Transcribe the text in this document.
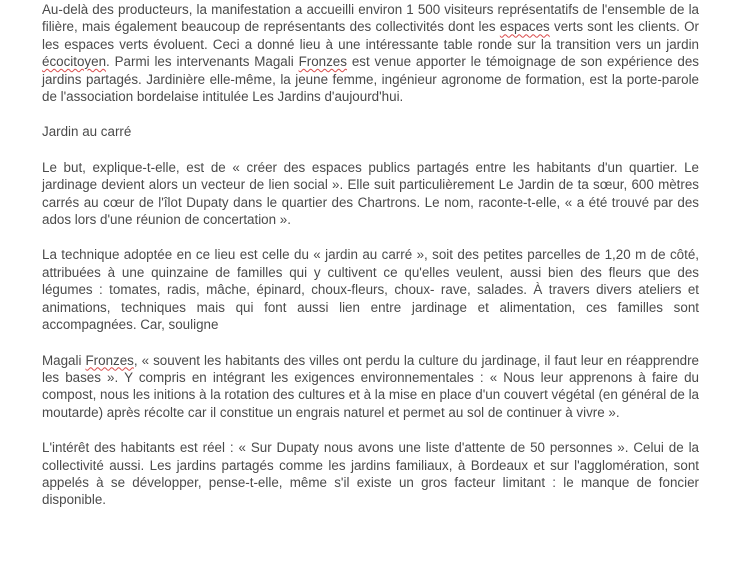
Au-delà des producteurs, la manifestation a accueilli environ 1 500 visiteurs représentatifs de l'ensemble de la filière, mais également beaucoup de représentants des collectivités dont les espaces verts sont les clients. Or les espaces verts évoluent. Ceci a donné lieu à une intéressante table ronde sur la transition vers un jardin écocitoyen. Parmi les intervenants Magali Fronzes est venue apporter le témoignage de son expérience des jardins partagés. Jardinière elle-même, la jeune femme, ingénieur agronome de formation, est la porte-parole de l'association bordelaise intitulée Les Jardins d'aujourd'hui.

Jardin au carré

Le but, explique-t-elle, est de « créer des espaces publics partagés entre les habitants d'un quartier. Le jardinage devient alors un vecteur de lien social ». Elle suit particulièrement Le Jardin de ta sœur, 600 mètres carrés au cœur de l'îlot Dupaty dans le quartier des Chartrons. Le nom, raconte-t-elle, « a été trouvé par des ados lors d'une réunion de concertation ».

La technique adoptée en ce lieu est celle du « jardin au carré », soit des petites parcelles de 1,20 m de côté, attribuées à une quinzaine de familles qui y cultivent ce qu'elles veulent, aussi bien des fleurs que des légumes : tomates, radis, mâche, épinard, choux-fleurs, choux- rave, salades. À travers divers ateliers et animations, techniques mais qui font aussi lien entre jardinage et alimentation, ces familles sont accompagnées. Car, souligne

Magali Fronzes, « souvent les habitants des villes ont perdu la culture du jardinage, il faut leur en réapprendre les bases ». Y compris en intégrant les exigences environnementales : « Nous leur apprenons à faire du compost, nous les initions à la rotation des cultures et à la mise en place d'un couvert végétal (en général de la moutarde) après récolte car il constitue un engrais naturel et permet au sol de continuer à vivre ».

L'intérêt des habitants est réel : « Sur Dupaty nous avons une liste d'attente de 50 personnes ». Celui de la collectivité aussi. Les jardins partagés comme les jardins familiaux, à Bordeaux et sur l'agglomération, sont appelés à se développer, pense-t-elle, même s'il existe un gros facteur limitant : le manque de foncier disponible.
